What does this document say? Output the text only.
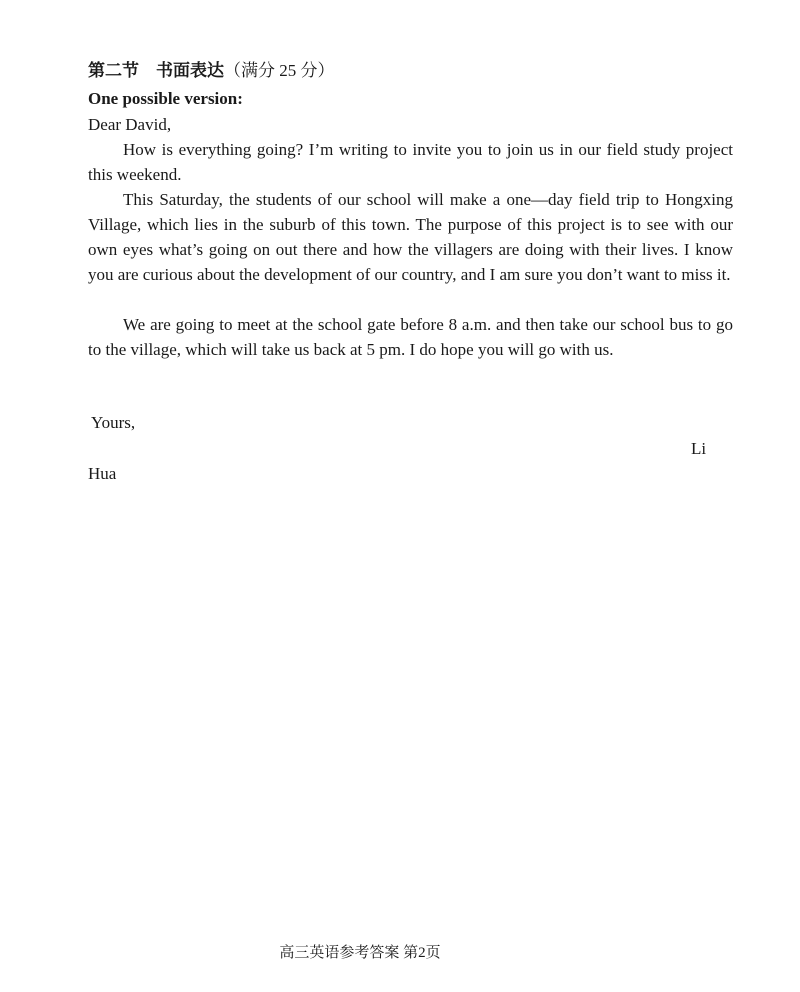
第二节　书面表达（满分 25 分）
One possible version:
Dear David,
How is everything going? I’m writing to invite you to join us in our field study project this weekend.
This Saturday, the students of our school will make a one—day field trip to Hongxing Village, which lies in the suburb of this town. The purpose of this project is to see with our own eyes what’s going on out there and how the villagers are doing with their lives. I know you are curious about the development of our country, and I am sure you don’t want to miss it.
We are going to meet at the school gate before 8 a.m. and then take our school bus to go to the village, which will take us back at 5 pm. I do hope you will go with us.
Yours,
Li
Hua
高三英语参考答案 第2页
